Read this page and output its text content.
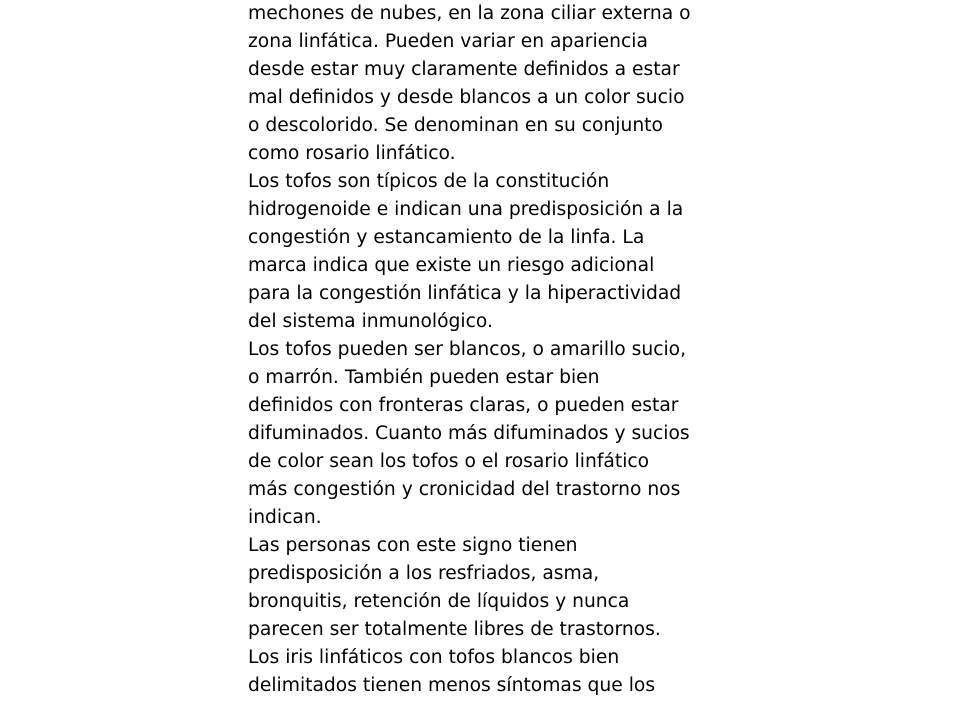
mechones de nubes, en la zona ciliar externa o
zona linfática. Pueden variar en apariencia
desde estar muy claramente definidos a estar
mal definidos y desde blancos a un color sucio
o descolorido. Se denominan en su conjunto
como rosario linfático.
Los tofos son típicos de la constitución
hidrogenoide e indican una predisposición a la
congestión y estancamiento de la linfa. La
marca indica que existe un riesgo adicional
para la congestión linfática y la hiperactividad
del sistema inmunológico.
Los tofos pueden ser blancos, o amarillo sucio,
o marrón. También pueden estar bien
definidos con fronteras claras, o pueden estar
difuminados. Cuanto más difuminados y sucios
de color sean los tofos o el rosario linfático
más congestión y cronicidad del trastorno nos
indican.
Las personas con este signo tienen
predisposición a los resfriados, asma,
bronquitis, retención de líquidos y nunca
parecen ser totalmente libres de trastornos.
Los iris linfáticos con tofos blancos bien
delimitados tienen menos síntomas que los
